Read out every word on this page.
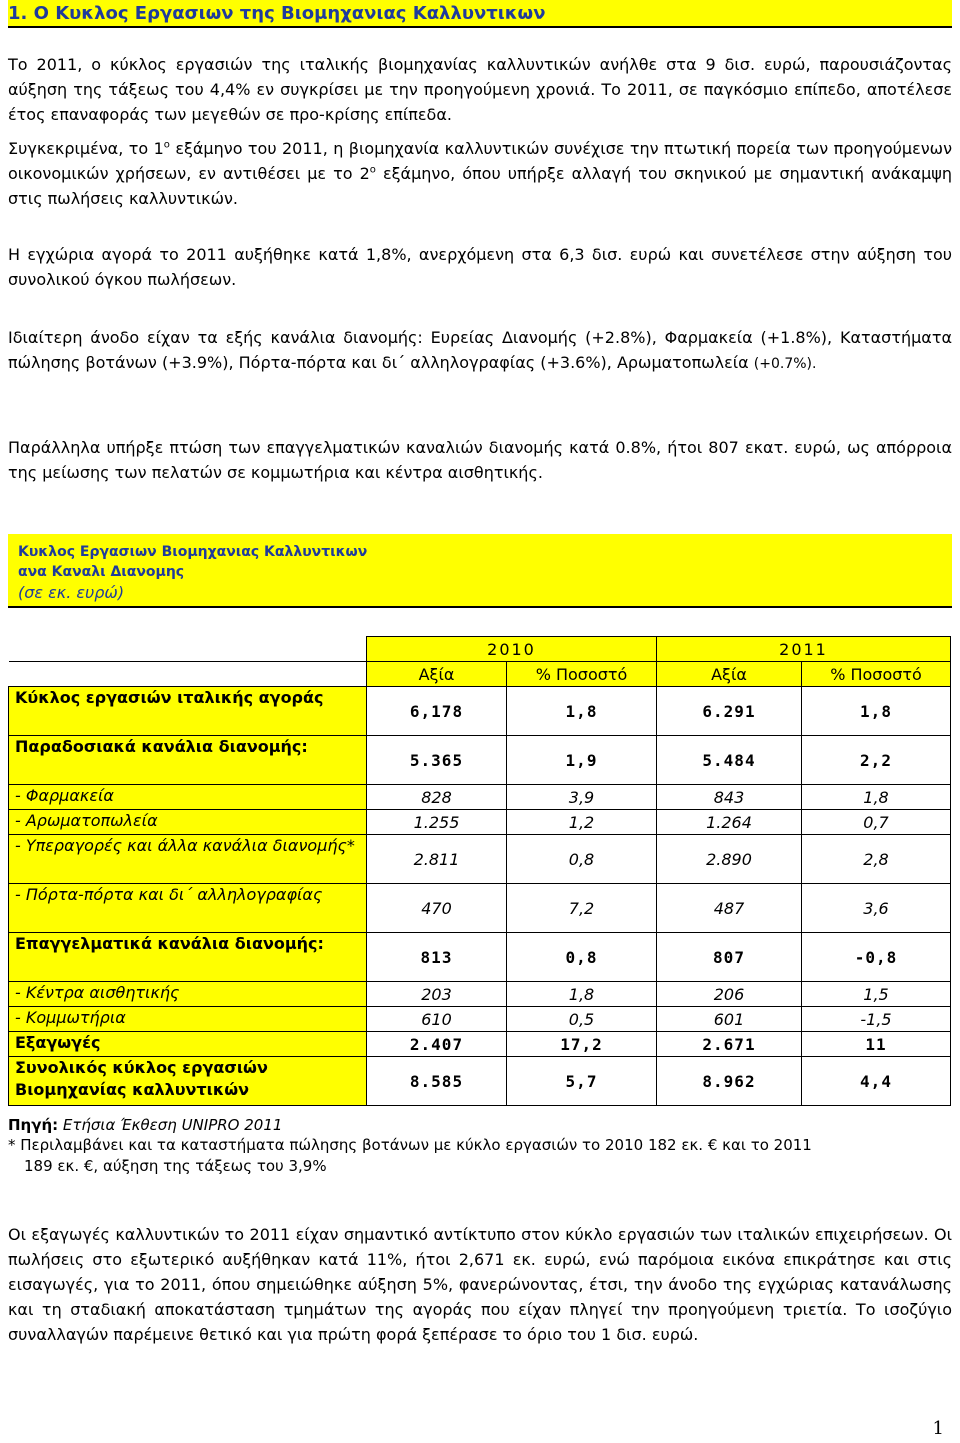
1. Ο Κυκλος Εργασιων της Βιομηχανιας Καλλυντικων

Το 2011, ο κύκλος εργασιών της ιταλικής βιομηχανίας καλλυντικών ανήλθε στα 9 δισ. ευρώ, παρουσιάζοντας αύξηση της τάξεως του 4,4% εν συγκρίσει με την προηγούμενη χρονιά. Το 2011, σε παγκόσμιο επίπεδο, αποτέλεσε έτος επαναφοράς των μεγεθών σε προ-κρίσης επίπεδα.

Συγκεκριμένα, το $1^o$ εξάμηνο του 2011, η βιομηχανία καλλυντικών συνέχισε την πτωτική πορεία των προηγούμενων οικονομικών χρήσεων, εν αντιθέσει με το $2^o$ εξάμηνο, όπου υπήρξε αλλαγή του σκηνικού με σημαντική ανάκαμψη στις πωλήσεις καλλυντικών.

Η εγχώρια αγορά το 2011 αυξήθηκε κατά 1,8%, ανερχόμενη στα 6,3 δισ. ευρώ και συνετέλεσε στην αύξηση του συνολικού όγκου πωλήσεων.

Ιδιαίτερη άνοδο είχαν τα εξής κανάλια διανομής: Ευρείας Διανομής (+2.8%), Φαρμακεία (+1.8%), Καταστήματα πώλησης βοτάνων (+3.9%), Πόρτα-πόρτα και δι΄ αλληλογραφίας (+3.6%), Αρωματοπωλεία (+0.7%).

Παράλληλα υπήρξε πτώση των επαγγελματικών καναλιών διανομής κατά 0.8%, ήτοι 807 εκατ. ευρώ, ως απόρροια της μείωσης των πελατών σε κομμωτήρια και κέντρα αισθητικής.

Κυκλος Εργασιων Βιομηχανιας Καλλυντικων
ανα Καναλι Διανομης
(σε εκ. ευρώ)
	2010		2011	
	Αξία	% Ποσοστό	Αξία	% Ποσοστό
Κύκλος εργασιών ιταλικής αγοράς	6,178	1,8	6.291	1,8
Παραδοσιακά κανάλια διανομής:	5.365	1,9	5.484	2,2
- Φαρμακεία	828	3,9	843	1,8
- Αρωματοπωλεία	1.255	1,2	1.264	0,7
- Υπεραγορές και άλλα κανάλια διανομής*	2.811	0,8	2.890	2,8
- Πόρτα-πόρτα και δι΄ αλληλογραφίας	470	7,2	487	3,6
Επαγγελματικά κανάλια διανομής:	813	0,8	807	-0,8
- Κέντρα αισθητικής	203	1,8	206	1,5
- Κομμωτήρια	610	0,5	601	-1,5
Εξαγωγές	2.407	17,2	2.671	11
Συνολικός κύκλος εργασιών Βιομηχανίας καλλυντικών	8.585	5,7	8.962	4,4
Πηγή: Ετήσια Έκθεση UNIPRO 2011
* Περιλαμβάνει και τα καταστήματα πώλησης βοτάνων με κύκλο εργασιών το 2010 182 εκ. € και το 2011
189 εκ. €, αύξηση της τάξεως του 3,9%

Οι εξαγωγές καλλυντικών το 2011 είχαν σημαντικό αντίκτυπο στον κύκλο εργασιών των ιταλικών επιχειρήσεων. Οι πωλήσεις στο εξωτερικό αυξήθηκαν κατά 11%, ήτοι 2,671 εκ. ευρώ, ενώ παρόμοια εικόνα επικράτησε και στις εισαγωγές, για το 2011, όπου σημειώθηκε αύξηση 5%, φανερώνοντας, έτσι, την άνοδο της εγχώριας κατανάλωσης και τη σταδιακή αποκατάσταση τμημάτων της αγοράς που είχαν πληγεί την προηγούμενη τριετία. Το ισοζύγιο συναλλαγών παρέμεινε θετικό και για πρώτη φορά ξεπέρασε το όριο του 1 δισ. ευρώ.

1
